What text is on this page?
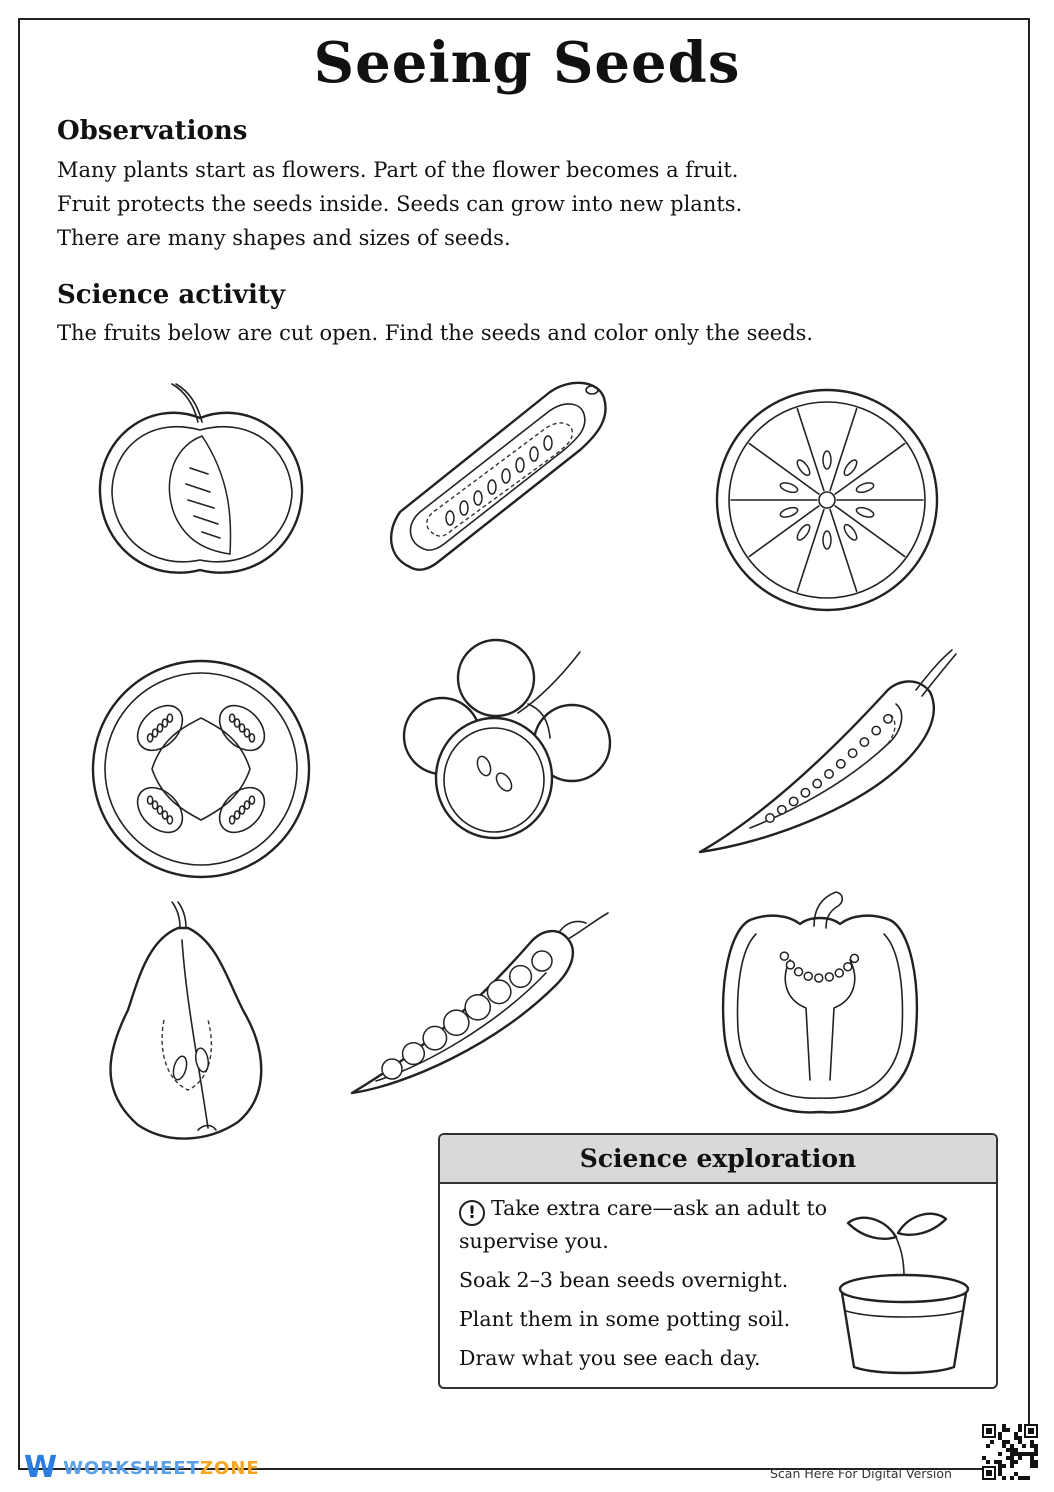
Seeing Seeds
Observations
Many plants start as flowers. Part of the flower becomes a fruit.
Fruit protects the seeds inside. Seeds can grow into new plants.
There are many shapes and sizes of seeds.
Science activity
The fruits below are cut open. Find the seeds and color only the seeds.
Science exploration

! Take extra care—ask an adult to supervise you.

Soak 2–3 bean seeds overnight.

Plant them in some potting soil.

Draw what you see each day.

W WORKSHEETZONE	Scan Here For Digital Version
